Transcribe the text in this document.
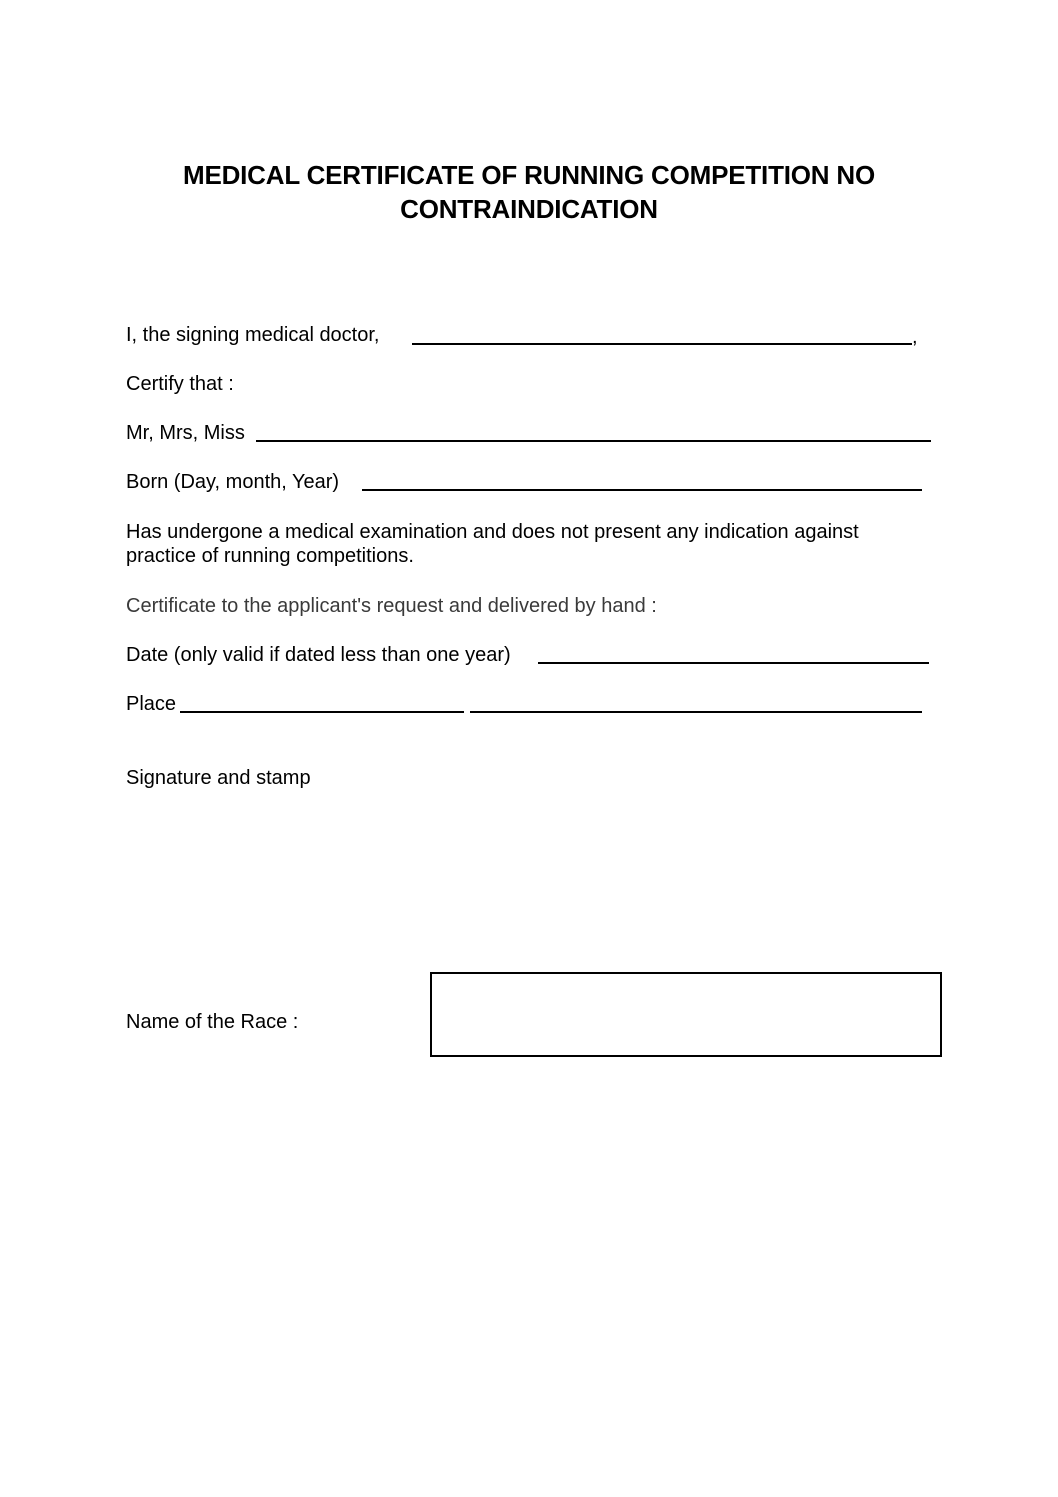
MEDICAL CERTIFICATE OF RUNNING COMPETITION NO CONTRAINDICATION
I, the signing medical doctor,	,
Certify that :
Mr, Mrs, Miss
Born (Day, month, Year)
Has undergone a medical examination and does not present any indication against practice of running competitions.
Certificate to the applicant's request and delivered by hand :
Date (only valid if dated less than one year)
Place
Signature and stamp
Name of the Race :
